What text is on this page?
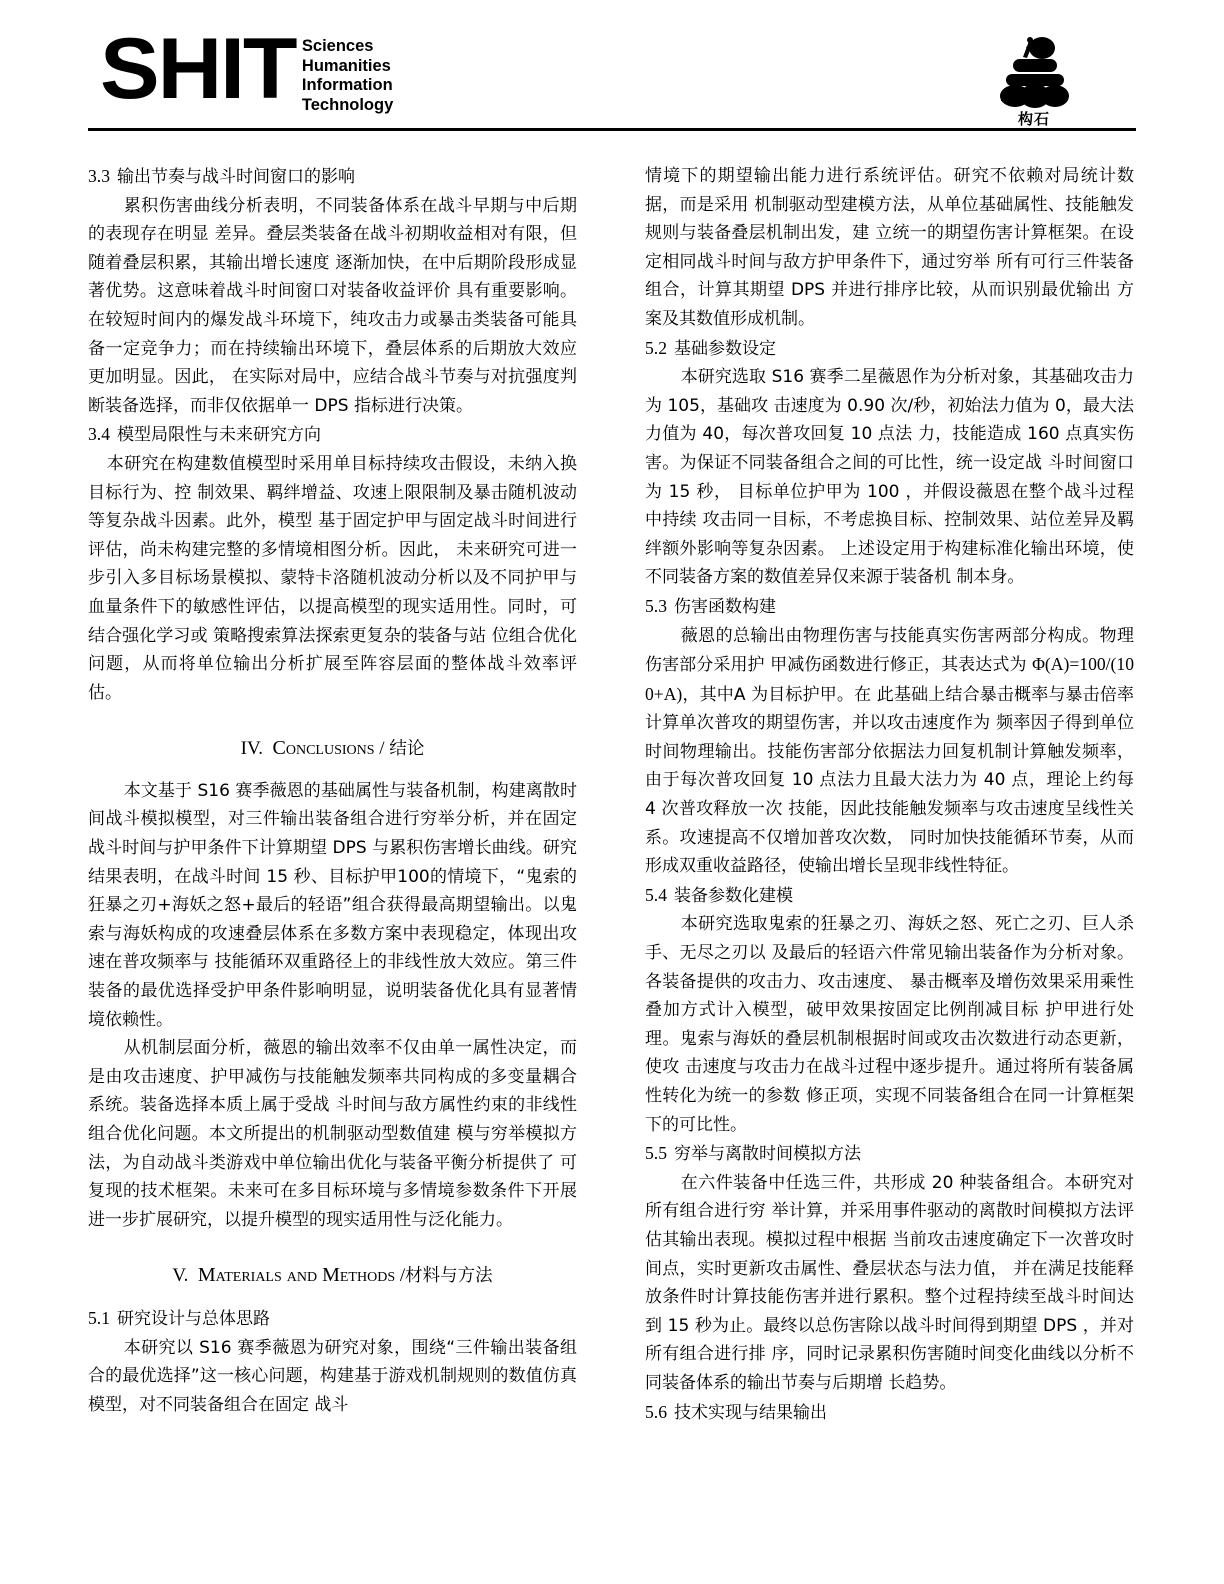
SHIT Sciences
Humanities
Information
Technology
构石
3.3 输出节奏与战斗时间窗口的影响

累积伤害曲线分析表明，不同装备体系在战斗早期与中后期的表现存在明显 差异。叠层类装备在战斗初期收益相对有限，但随着叠层积累，其输出增长速度 逐渐加快，在中后期阶段形成显著优势。这意味着战斗时间窗口对装备收益评价 具有重要影响。在较短时间内的爆发战斗环境下，纯攻击力或暴击类装备可能具 备一定竞争力；而在持续输出环境下，叠层体系的后期放大效应更加明显。因此， 在实际对局中，应结合战斗节奏与对抗强度判断装备选择，而非仅依据单一 DPS 指标进行决策。

3.4 模型局限性与未来研究方向

本研究在构建数值模型时采用单目标持续攻击假设，未纳入换目标行为、控 制效果、羁绊增益、攻速上限限制及暴击随机波动等复杂战斗因素。此外，模型 基于固定护甲与固定战斗时间进行评估，尚未构建完整的多情境相图分析。因此， 未来研究可进一步引入多目标场景模拟、蒙特卡洛随机波动分析以及不同护甲与 血量条件下的敏感性评估，以提高模型的现实适用性。同时，可结合强化学习或 策略搜索算法探索更复杂的装备与站 位组合优化问题，从而将单位输出分析扩展至阵容层面的整体战斗效率评估。

IV. Conclusions / 结论

本文基于 S16 赛季薇恩的基础属性与装备机制，构建离散时间战斗模拟模型，对三件输出装备组合进行穷举分析，并在固定战斗时间与护甲条件下计算期望 DPS 与累积伤害增长曲线。研究结果表明，在战斗时间 15 秒、目标护甲100的情境下，“鬼索的狂暴之刃+海妖之怒+最后的轻语”组合获得最高期望输出。以鬼索与海妖构成的攻速叠层体系在多数方案中表现稳定，体现出攻速在普攻频率与 技能循环双重路径上的非线性放大效应。第三件装备的最优选择受护甲条件影响明显，说明装备优化具有显著情境依赖性。

从机制层面分析，薇恩的输出效率不仅由单一属性决定，而是由攻击速度、护甲减伤与技能触发频率共同构成的多变量耦合系统。装备选择本质上属于受战 斗时间与敌方属性约束的非线性组合优化问题。本文所提出的机制驱动型数值建 模与穷举模拟方法，为自动战斗类游戏中单位输出优化与装备平衡分析提供了 可复现的技术框架。未来可在多目标环境与多情境参数条件下开展进一步扩展研究，以提升模型的现实适用性与泛化能力。

V. Materials and Methods /材料与方法
5.1 研究设计与总体思路

本研究以 S16 赛季薇恩为研究对象，围绕“三件输出装备组合的最优选择”这一核心问题，构建基于游戏机制规则的数值仿真模型，对不同装备组合在固定 战斗

情境下的期望输出能力进行系统评估。研究不依赖对局统计数据，而是采用 机制驱动型建模方法，从单位基础属性、技能触发规则与装备叠层机制出发，建 立统一的期望伤害计算框架。在设定相同战斗时间与敌方护甲条件下，通过穷举 所有可行三件装备组合，计算其期望 DPS 并进行排序比较，从而识别最优输出 方案及其数值形成机制。

5.2 基础参数设定

本研究选取 S16 赛季二星薇恩作为分析对象，其基础攻击力为 105，基础攻 击速度为 0.90 次/秒，初始法力值为 0，最大法力值为 40，每次普攻回复 10 点法 力，技能造成 160 点真实伤害。为保证不同装备组合之间的可比性，统一设定战 斗时间窗口为 15 秒， 目标单位护甲为 100 ，并假设薇恩在整个战斗过程中持续 攻击同一目标，不考虑换目标、控制效果、站位差异及羁绊额外影响等复杂因素。 上述设定用于构建标准化输出环境，使不同装备方案的数值差异仅来源于装备机 制本身。

5.3 伤害函数构建

薇恩的总输出由物理伤害与技能真实伤害两部分构成。物理伤害部分采用护 甲减伤函数进行修正，其表达式为 Φ(A)=100/(100+A)，其中A 为目标护甲。在 此基础上结合暴击概率与暴击倍率计算单次普攻的期望伤害，并以攻击速度作为 频率因子得到单位时间物理输出。技能伤害部分依据法力回复机制计算触发频率， 由于每次普攻回复 10 点法力且最大法力为 40 点，理论上约每 4 次普攻释放一次 技能，因此技能触发频率与攻击速度呈线性关系。攻速提高不仅增加普攻次数， 同时加快技能循环节奏，从而形成双重收益路径，使输出增长呈现非线性特征。

5.4 装备参数化建模

本研究选取鬼索的狂暴之刃、海妖之怒、死亡之刃、巨人杀手、无尽之刃以 及最后的轻语六件常见输出装备作为分析对象。各装备提供的攻击力、攻击速度、 暴击概率及增伤效果采用乘性叠加方式计入模型，破甲效果按固定比例削减目标 护甲进行处理。鬼索与海妖的叠层机制根据时间或攻击次数进行动态更新，使攻 击速度与攻击力在战斗过程中逐步提升。通过将所有装备属性转化为统一的参数 修正项，实现不同装备组合在同一计算框架下的可比性。

5.5 穷举与离散时间模拟方法

在六件装备中任选三件，共形成 20 种装备组合。本研究对所有组合进行穷 举计算，并采用事件驱动的离散时间模拟方法评估其输出表现。模拟过程中根据 当前攻击速度确定下一次普攻时间点，实时更新攻击属性、叠层状态与法力值， 并在满足技能释放条件时计算技能伤害并进行累积。整个过程持续至战斗时间达 到 15 秒为止。最终以总伤害除以战斗时间得到期望 DPS ，并对所有组合进行排 序，同时记录累积伤害随时间变化曲线以分析不同装备体系的输出节奏与后期增 长趋势。

5.6 技术实现与结果输出
